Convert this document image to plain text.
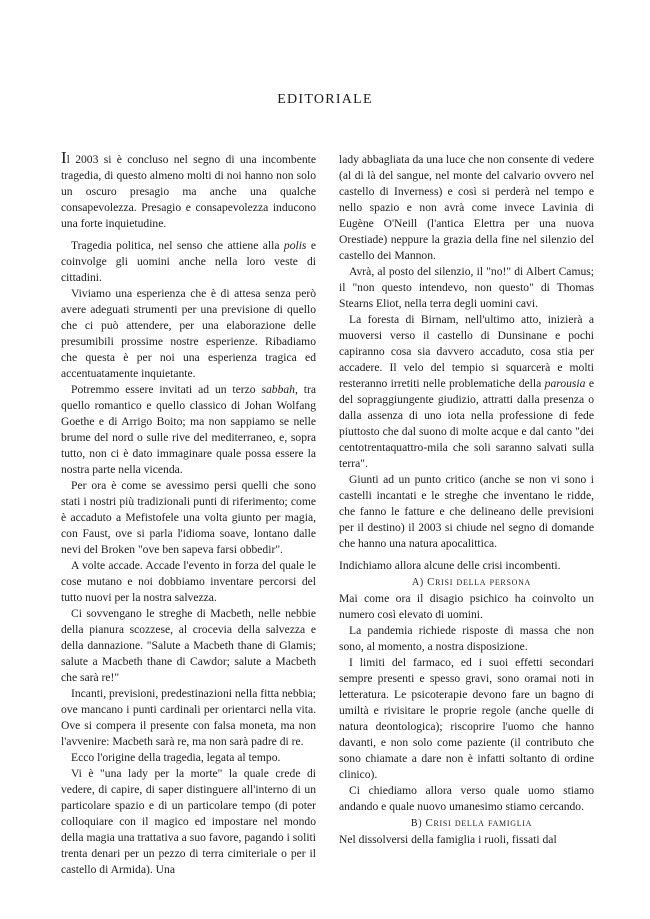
EDITORIALE

Il 2003 si è concluso nel segno di una incombente tragedia, di questo almeno molti di noi hanno non solo un oscuro presagio ma anche una qualche consapevolezza. Presagio e consapevolezza inducono una forte inquietudine.

Tragedia politica, nel senso che attiene alla polis e coinvolge gli uomini anche nella loro veste di cittadini.

Viviamo una esperienza che è di attesa senza però avere adeguati strumenti per una previsione di quello che ci può attendere, per una elaborazione delle presumibili prossime nostre esperienze. Ribadiamo che questa è per noi una esperienza tragica ed accentuatamente inquietante.

Potremmo essere invitati ad un terzo sabbah, tra quello romantico e quello classico di Johan Wolfang Goethe e di Arrigo Boito; ma non sappiamo se nelle brume del nord o sulle rive del mediterraneo, e, sopra tutto, non ci è dato immaginare quale possa essere la nostra parte nella vicenda.

Per ora è come se avessimo persi quelli che sono stati i nostri più tradizionali punti di riferimento; come è accaduto a Mefistofele una volta giunto per magia, con Faust, ove si parla l'idioma soave, lontano dalle nevi del Broken "ove ben sapeva farsi obbedir".

A volte accade. Accade l'evento in forza del quale le cose mutano e noi dobbiamo inventare percorsi del tutto nuovi per la nostra salvezza.

Ci sovvengano le streghe di Macbeth, nelle nebbie della pianura scozzese, al crocevia della salvezza e della dannazione. "Salute a Macbeth thane di Glamis; salute a Macbeth thane di Cawdor; salute a Macbeth che sarà re!"

Incanti, previsioni, predestinazioni nella fitta nebbia; ove mancano i punti cardinali per orientarci nella vita. Ove si compera il presente con falsa moneta, ma non l'avvenire: Macbeth sarà re, ma non sarà padre di re.

Ecco l'origine della tragedia, legata al tempo.

Vi è "una lady per la morte" la quale crede di vedere, di capire, di saper distinguere all'interno di un particolare spazio e di un particolare tempo (di poter colloquiare con il magico ed impostare nel mondo della magia una trattativa a suo favore, pagando i soliti trenta denari per un pezzo di terra cimiteriale o per il castello di Armida). Una

lady abbagliata da una luce che non consente di vedere (al di là del sangue, nel monte del calvario ovvero nel castello di Inverness) e così si perderà nel tempo e nello spazio e non avrà come invece Lavinia di Eugène O'Neill (l'antica Elettra per una nuova Orestiade) neppure la grazia della fine nel silenzio del castello dei Mannon.

Avrà, al posto del silenzio, il "no!" di Albert Camus; il "non questo intendevo, non questo" di Thomas Stearns Eliot, nella terra degli uomini cavi.

La foresta di Birnam, nell'ultimo atto, inizierà a muoversi verso il castello di Dunsinane e pochi capiranno cosa sia davvero accaduto, cosa stia per accadere. Il velo del tempio si squarcerà e molti resteranno irretiti nelle problematiche della parousia e del sopraggiungente giudizio, attratti dalla presenza o dalla assenza di uno iota nella professione di fede piuttosto che dal suono di molte acque e dal canto "dei centotrentaquattro-mila che soli saranno salvati sulla terra".

Giunti ad un punto critico (anche se non vi sono i castelli incantati e le streghe che inventano le ridde, che fanno le fatture e che delineano delle previsioni per il destino) il 2003 si chiude nel segno di domande che hanno una natura apocalittica.

Indichiamo allora alcune delle crisi incombenti.

A) Crisi della persona

Mai come ora il disagio psichico ha coinvolto un numero così elevato di uomini.

La pandemia richiede risposte di massa che non sono, al momento, a nostra disposizione.

I limiti del farmaco, ed i suoi effetti secondari sempre presenti e spesso gravi, sono oramai noti in letteratura. Le psicoterapie devono fare un bagno di umiltà e rivisitare le proprie regole (anche quelle di natura deontologica); riscoprire l'uomo che hanno davanti, e non solo come paziente (il contributo che sono chiamate a dare non è infatti soltanto di ordine clinico).

Ci chiediamo allora verso quale uomo stiamo andando e quale nuovo umanesimo stiamo cercando.

B) Crisi della famiglia

Nel dissolversi della famiglia i ruoli, fissati dal
